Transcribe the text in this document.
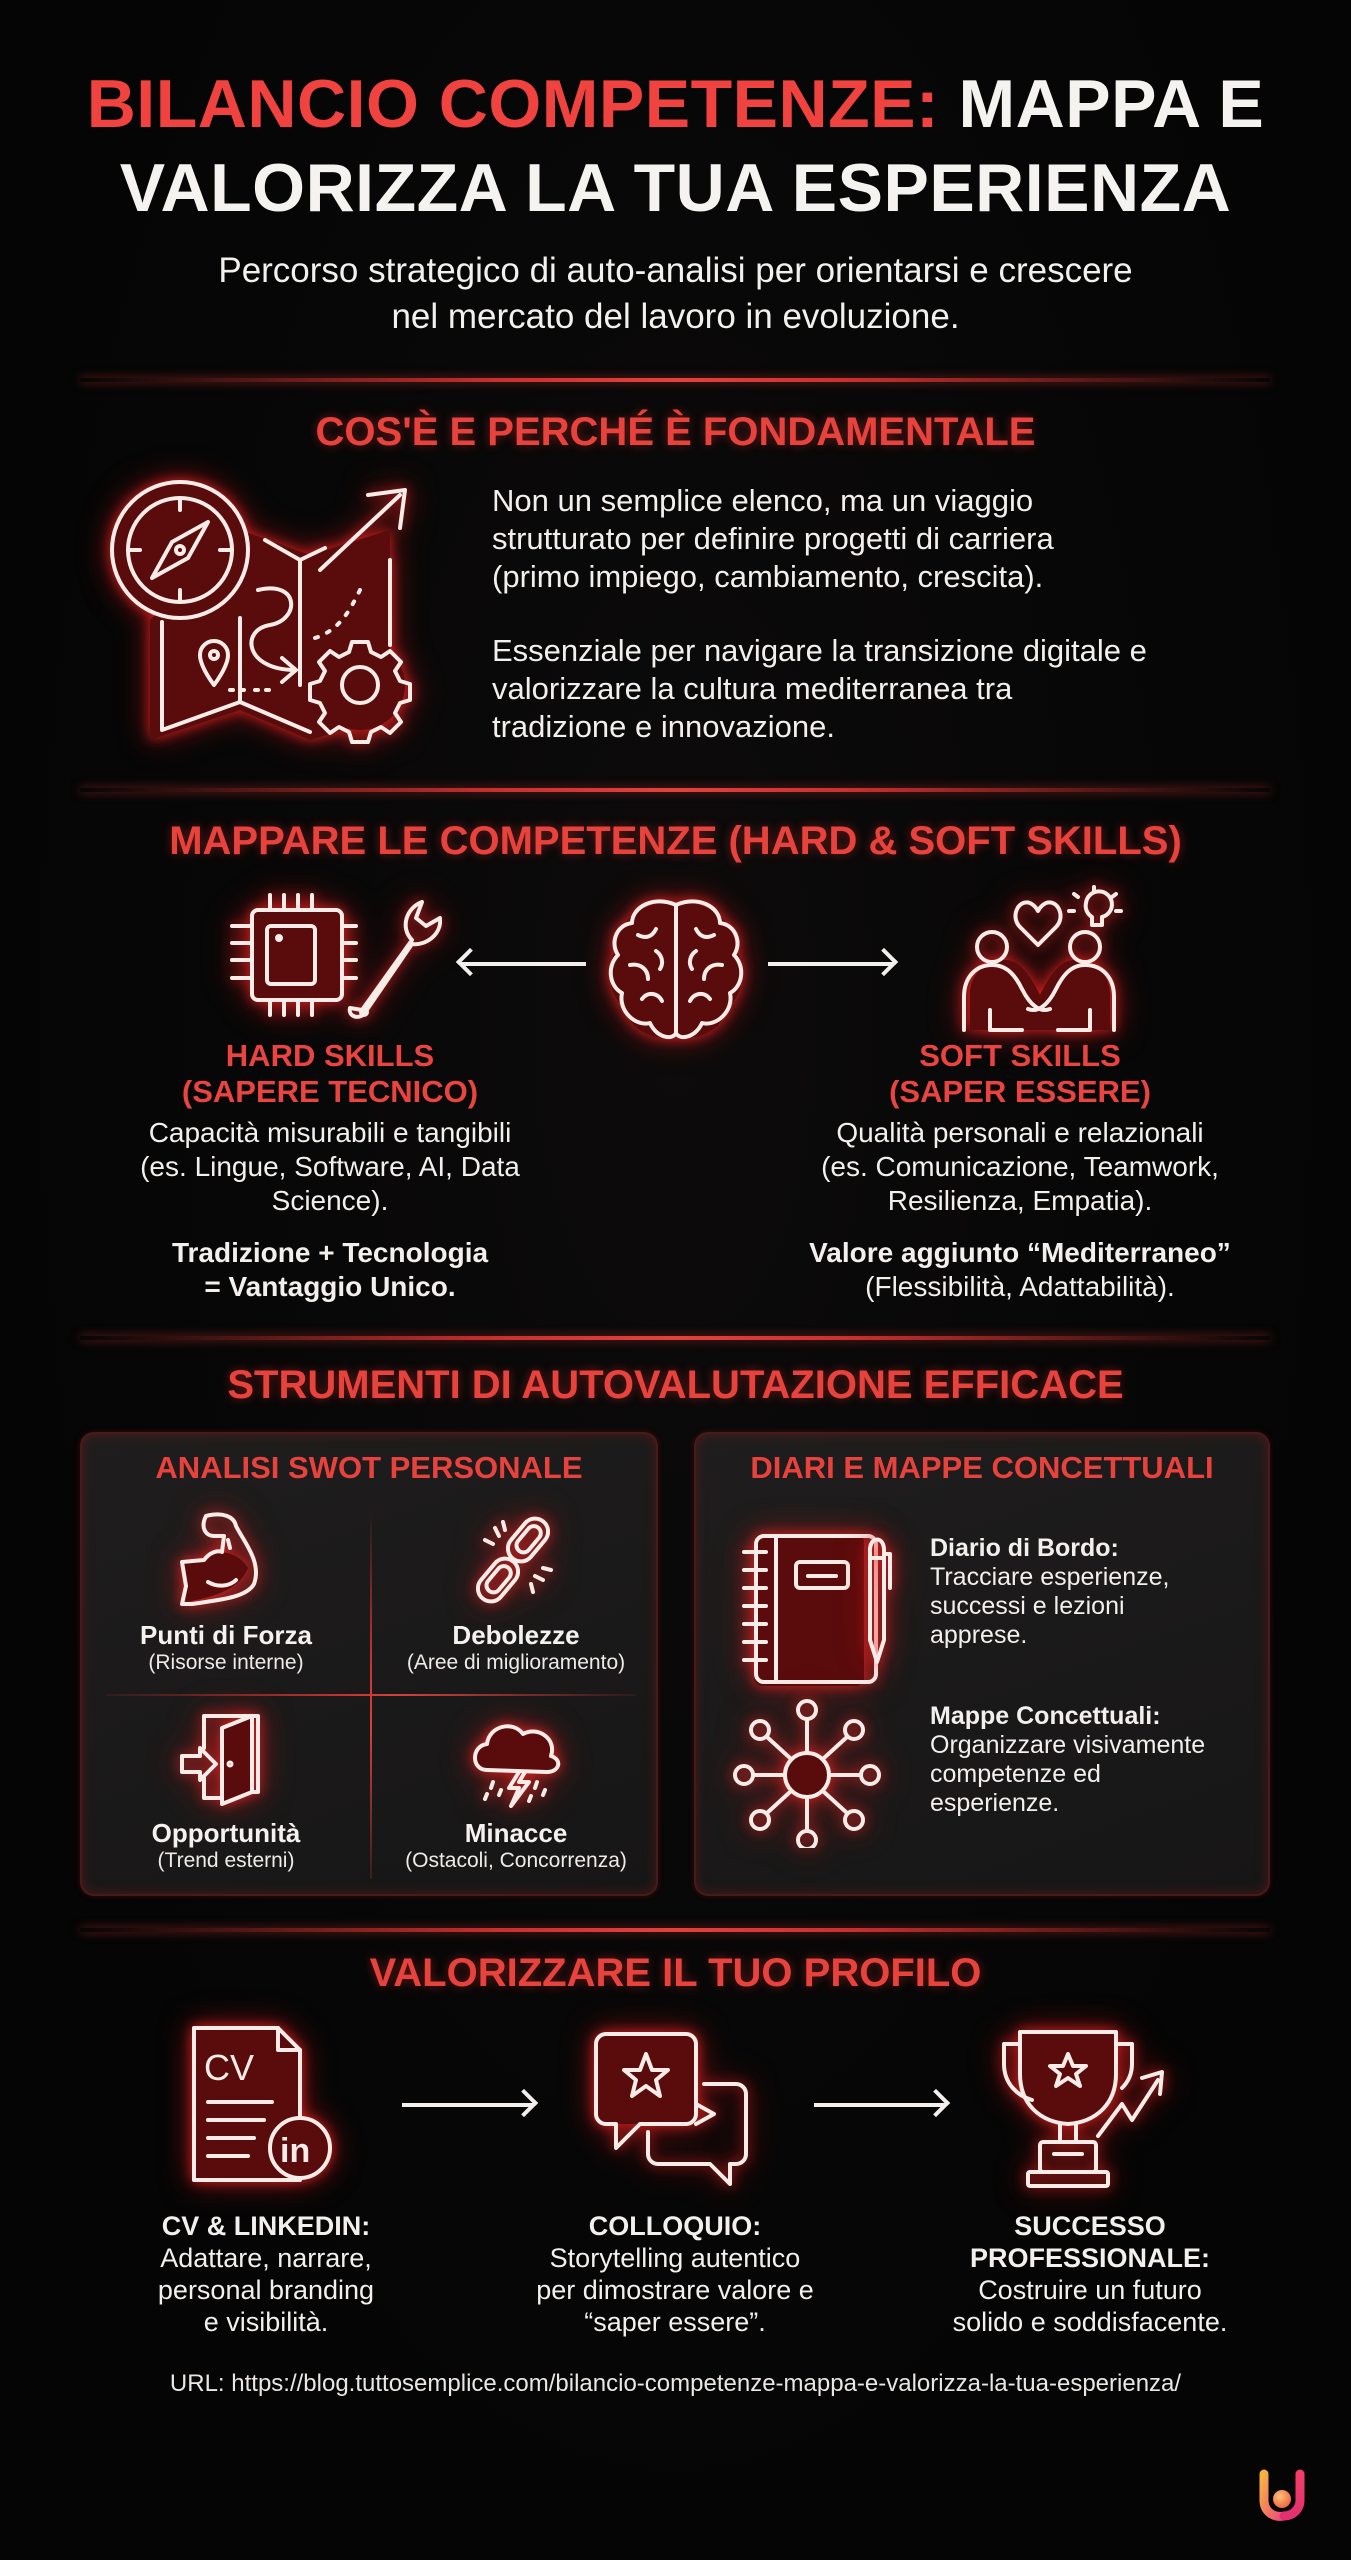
BILANCIO COMPETENZE: MAPPA E
VALORIZZA LA TUA ESPERIENZA
Percorso strategico di auto-analisi per orientarsi e crescere
nel mercato del lavoro in evoluzione.
COS'È E PERCHÉ È FONDAMENTALE
Non un semplice elenco, ma un viaggio
strutturato per definire progetti di carriera
(primo impiego, cambiamento, crescita).
Essenziale per navigare la transizione digitale e
valorizzare la cultura mediterranea tra
tradizione e innovazione.
MAPPARE LE COMPETENZE (HARD & SOFT SKILLS)
HARD SKILLS
(SAPERE TECNICO)
Capacità misurabili e tangibili
(es. Lingue, Software, AI, Data
Science).
Tradizione + Tecnologia
= Vantaggio Unico.
SOFT SKILLS
(SAPER ESSERE)
Qualità personali e relazionali
(es. Comunicazione, Teamwork,
Resilienza, Empatia).
Valore aggiunto “Mediterraneo”
(Flessibilità, Adattabilità).
STRUMENTI DI AUTOVALUTAZIONE EFFICACE
ANALISI SWOT PERSONALE
Punti di Forza
(Risorse interne)
Debolezze
(Aree di miglioramento)
Opportunità
(Trend esterni)
Minacce
(Ostacoli, Concorrenza)
DIARI E MAPPE CONCETTUALI
Diario di Bordo:
Tracciare esperienze,
successi e lezioni
apprese.
Mappe Concettuali:
Organizzare visivamente
competenze ed
esperienze.
VALORIZZARE IL TUO PROFILO
CV
in
CV & LINKEDIN:
Adattare, narrare,
personal branding
e visibilità.
COLLOQUIO:
Storytelling autentico
per dimostrare valore e
“saper essere”.
SUCCESSO
PROFESSIONALE:
Costruire un futuro
solido e soddisfacente.
URL: https://blog.tuttosemplice.com/bilancio-competenze-mappa-e-valorizza-la-tua-esperienza/
